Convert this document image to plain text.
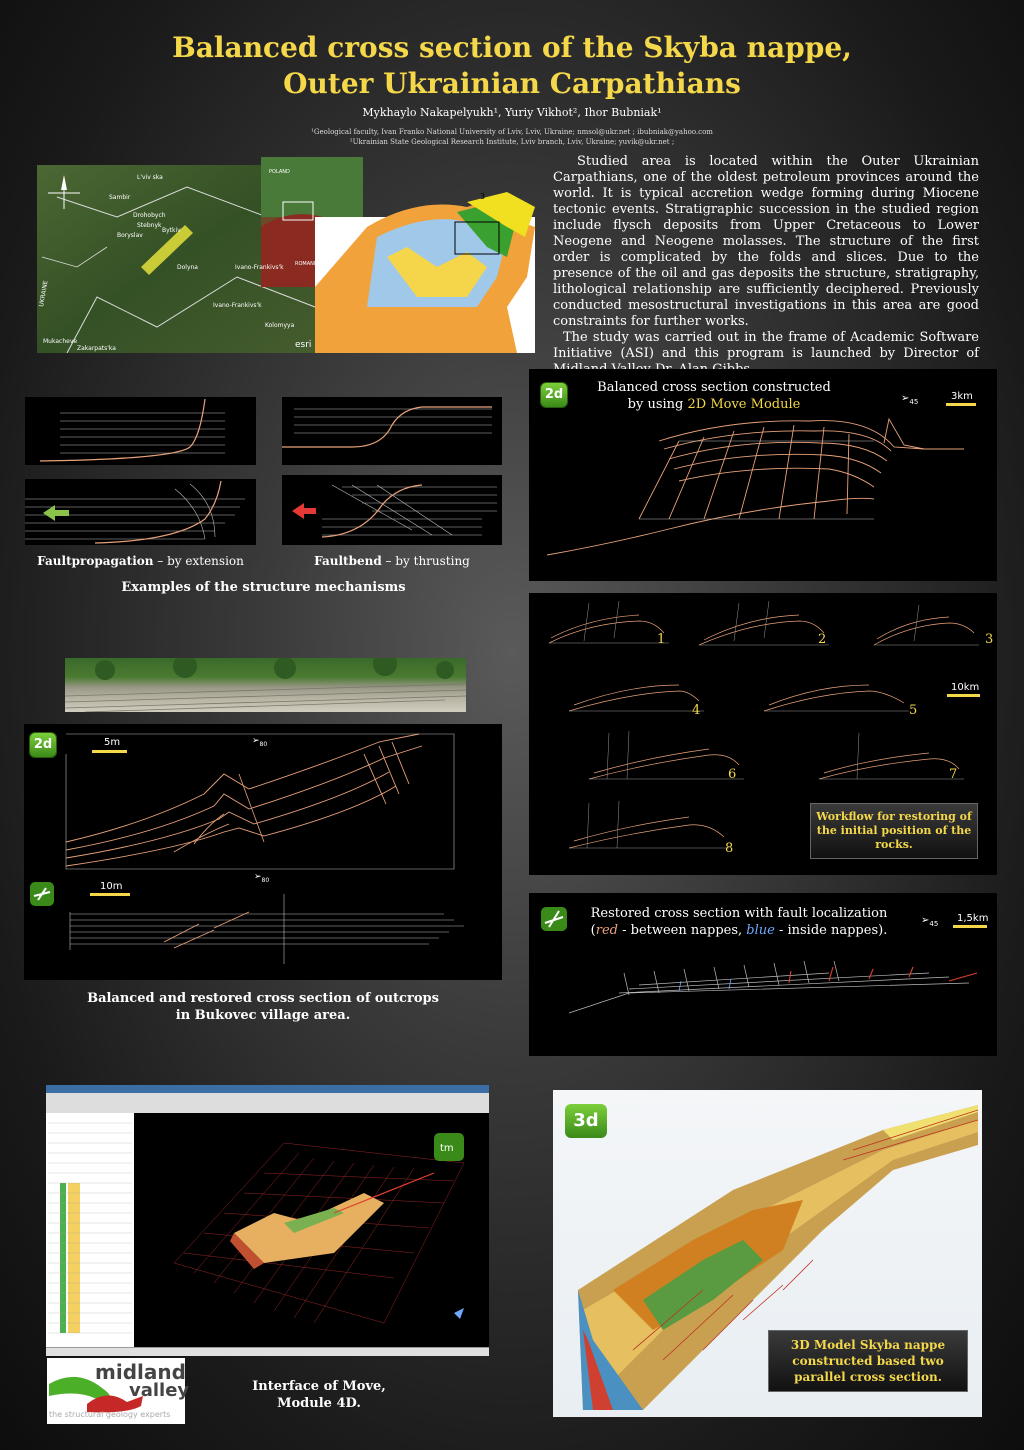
Balanced cross section of the Skyba nappe,
Outer Ukrainian Carpathians
Mykhaylo Nakapelyukh¹, Yuriy Vikhot², Ihor Bubniak¹
¹Geological faculty, Ivan Franko National University of Lviv, Lviv, Ukraine; nmsol@ukr.net ; ibubniak@yahoo.com
²Ukrainian State Geological Research Institute, Lviv branch, Lviv, Ukraine; yuvik@ukr.net ;
3
L'viv ska
Sambir
Drohobych
Stebnyk
Boryslav
Bytkiv
Dolyna	Ivano-Frankivs'k
Ivano-Frankivs'k
Kolomyya
Mukacheve
Zakarpats'ka
UKRAINE
POLAND
ROMANIA
esri

Studied area is located within the Outer Ukrainian Carpathians, one of the oldest petroleum provinces around the world. It is typical accretion wedge forming during Miocene tectonic events. Stratigraphic succession in the studied region include flysch deposits from Upper Cretaceous to Lower Neogene and Neogene molasses. The structure of the first order is complicated by the folds and slices. Due to the presence of the oil and gas deposits the structure, stratigraphy, lithological relationship are sufficiently deciphered. Previously conducted mesostructural investigations in this area are good constraints for further works.

The study was carried out in the frame of Academic Software Initiative (ASI) and this program is launched by Director of

Faultpropagation – by extension	Faultbend – by thrusting
Examples of the structure mechanisms
2d	Balanced cross section constructed
by using 2D Move Module	$➢_{45}$	3km
1	2	3
4	5
6	7
8
10km
Workflow for restoring of the initial position of the rocks.
2d	5m	$➢_{80}$
10m
$➢_{80}$
Balanced and restored cross section of outcrops
in Bukovec village area.
Restored cross section with fault localization
(red - between nappes, blue - inside nappes).
$➢_{45}$ 1,5km
tm
midland
valley
the structural geology experts
Interface of Move,
Module 4D.
3d
3D Model Skyba nappe constructed based two parallel cross section.
